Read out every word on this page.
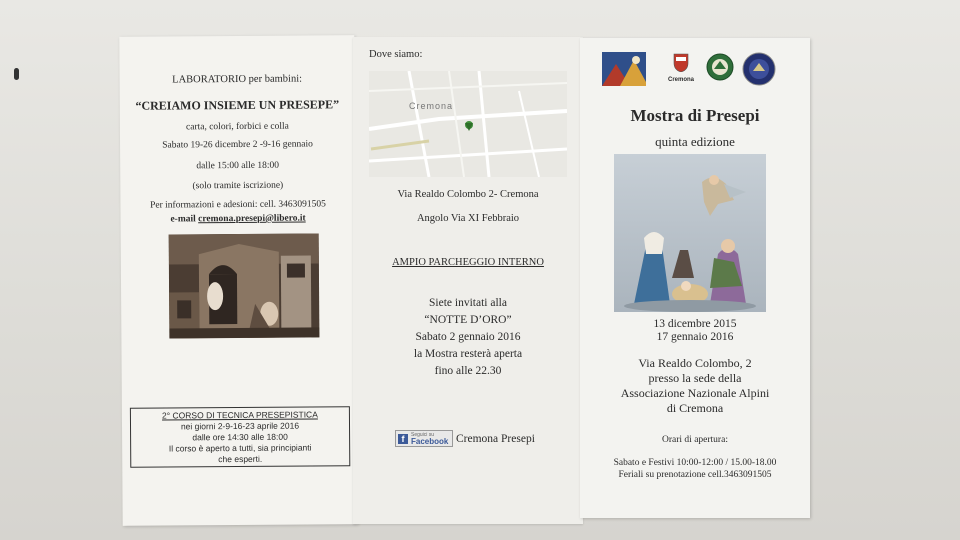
LABORATORIO per bambini:
“CREIAMO INSIEME UN PRESEPE”
carta, colori, forbici e colla
Sabato 19-26 dicembre 2 -9-16 gennaio
dalle 15:00 alle 18:00
(solo tramite iscrizione)
Per informazioni e adesioni: cell. 3463091505
e-mail cremona.presepi@libero.it
2° CORSO DI TECNICA PRESEPISTICA
nei giorni 2-9-16-23 aprile 2016
dalle ore 14:30 alle 18:00
Il corso è aperto a tutti, sia principianti
che esperti.
Dove siamo:
Cremona
Via Realdo Colombo 2- Cremona
Angolo Via XI Febbraio
AMPIO PARCHEGGIO INTERNO
Siete invitati alla
“NOTTE D’ORO”
Sabato 2 gennaio 2016
la Mostra resterà aperta
fino alle 22.30
f	Seguici su
Facebook Cremona Presepi
Cremona
Mostra di Presepi
quinta edizione
13 dicembre 2015
17 gennaio 2016
Via Realdo Colombo, 2
presso la sede della
Associazione Nazionale Alpini
di Cremona
Orari di apertura:
Sabato e Festivi 10:00-12:00 / 15.00-18.00
Feriali su prenotazione cell.3463091505
